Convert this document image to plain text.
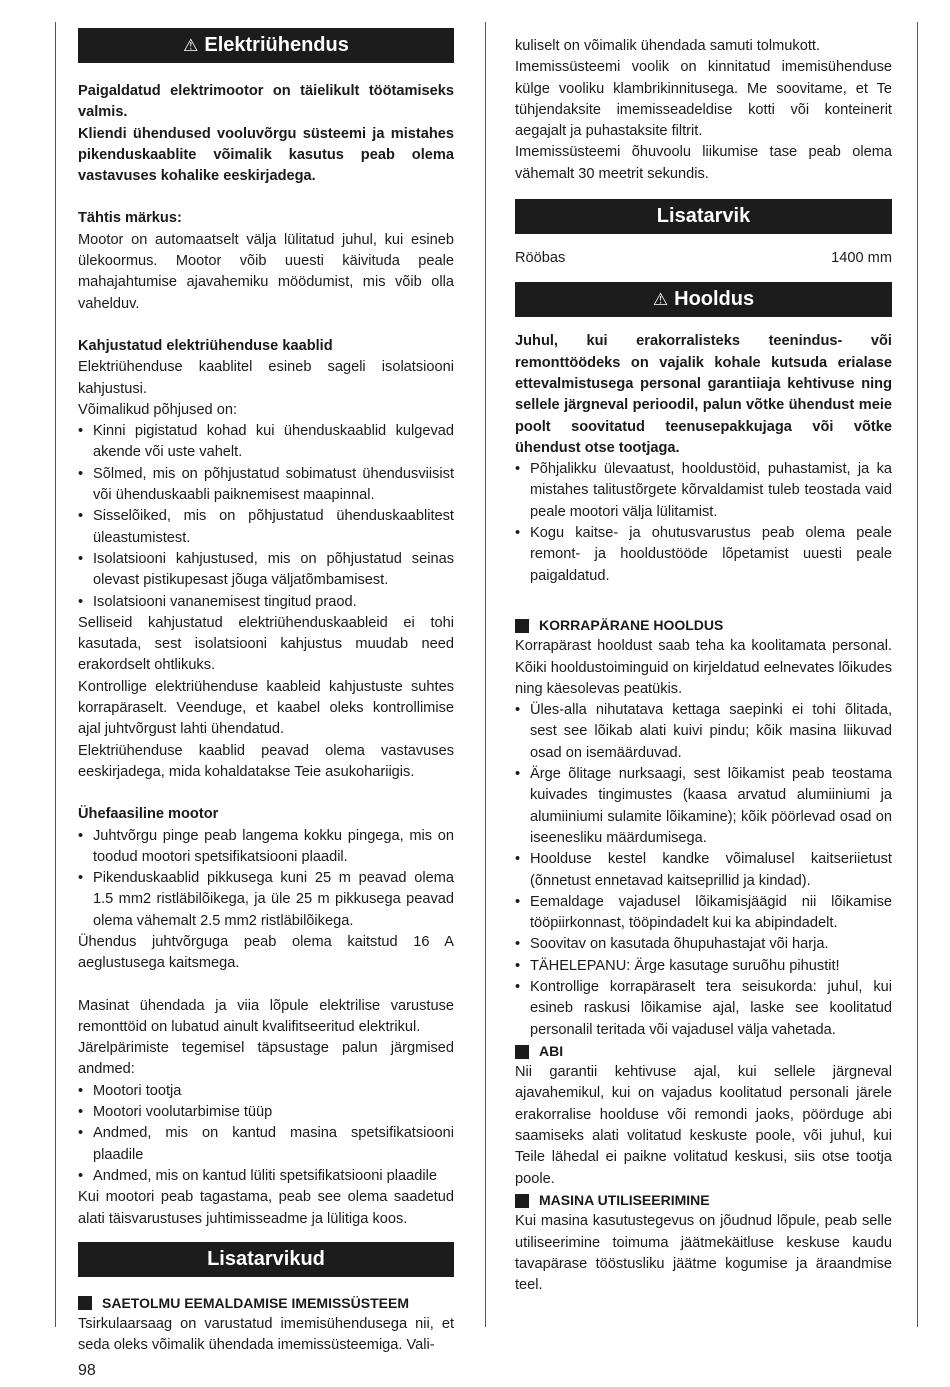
⚠ Elektriühendus

Paigaldatud elektrimootor on täielikult töötamiseks valmis.

Kliendi ühendused vooluvõrgu süsteemi ja mistahes pikenduskaablite võimalik kasutus peab olema vastavuses kohalike eeskirjadega.

Tähtis märkus:

Mootor on automaatselt välja lülitatud juhul, kui esineb ülekoormus. Mootor võib uuesti käivituda peale mahajahtumise ajavahemiku möödumist, mis võib olla vahelduv.

Kahjustatud elektriühenduse kaablid

Elektriühenduse kaablitel esineb sageli isolatsiooni kahjustusi.

Võimalikud põhjused on:

• Kinni pigistatud kohad kui ühenduskaablid kulgevad akende või uste vahelt.
• Sõlmed, mis on põhjustatud sobimatust ühendusviisist või ühenduskaabli paiknemisest maapinnal.
• Sisselõiked, mis on põhjustatud ühenduskaablitest üleastumistest.
• Isolatsiooni kahjustused, mis on põhjustatud seinas olevast pistikupesast jõuga väljatõmbamisest.
• Isolatsiooni vananemisest tingitud praod.

Selliseid kahjustatud elektriühenduskaableid ei tohi kasutada, sest isolatsiooni kahjustus muudab need erakordselt ohtlikuks.

Kontrollige elektriühenduse kaableid kahjustuste suhtes korrapäraselt. Veenduge, et kaabel oleks kontrollimise ajal juhtvõrgust lahti ühendatud.

Elektriühenduse kaablid peavad olema vastavuses eeskirjadega, mida kohaldatakse Teie asukohariigis.

Ühefaasiline mootor

• Juhtvõrgu pinge peab langema kokku pingega, mis on toodud mootori spetsifikatsiooni plaadil.
• Pikenduskaablid pikkusega kuni 25 m peavad olema 1.5 mm2 ristläbilõikega, ja üle 25 m pikkusega peavad olema vähemalt 2.5 mm2 ristläbilõikega.

Ühendus juhtvõrguga peab olema kaitstud 16 A aeglustusega kaitsmega.

Masinat ühendada ja viia lõpule elektrilise varustuse remonttöid on lubatud ainult kvalifitseeritud elektrikul.

Järelpärimiste tegemisel täpsustage palun järgmised andmed:

• Mootori tootja
• Mootori voolutarbimise tüüp
• Andmed, mis on kantud masina spetsifikatsiooni plaadile
• Andmed, mis on kantud lüliti spetsifikatsiooni plaadile

Kui mootori peab tagastama, peab see olema saadetud alati täisvarustuses juhtimisseadme ja lülitiga koos.

Lisatarvikud
SAETOLMU EEMALDAMISE IMEMISSÜSTEEM

Tsirkulaarsaag on varustatud imemisühendusega nii, et seda oleks võimalik ühendada imemissüsteemiga. Vali-

kuliselt on võimalik ühendada samuti tolmukott.

Imemissüsteemi voolik on kinnitatud imemisühenduse külge vooliku klambrikinnitusega. Me soovitame, et Te tühjendaksite imemisseadeldise kotti või konteinerit aegajalt ja puhastaksite filtrit.

Imemissüsteemi õhuvoolu liikumise tase peab olema vähemalt 30 meetrit sekundis.

Lisatarvik
Rööbas	1400 mm
⚠ Hooldus

Juhul, kui erakorralisteks teenindus- või remonttöödeks on vajalik kohale kutsuda erialase ettevalmistusega personal garantiiaja kehtivuse ning sellele järgneval perioodil, palun võtke ühendust meie poolt soovitatud teenusepakkujaga või võtke ühendust otse tootjaga.

• Põhjalikku ülevaatust, hooldustöid, puhastamist, ja ka mistahes talitustõrgete kõrvaldamist tuleb teostada vaid peale mootori välja lülitamist.
• Kogu kaitse- ja ohutusvarustus peab olema peale remont- ja hooldustööde lõpetamist uuesti peale paigaldatud.
KORRAPÄRANE HOOLDUS

Korrapärast hooldust saab teha ka koolitamata personal. Kõiki hooldustoiminguid on kirjeldatud eelnevates lõikudes ning käesolevas peatükis.

• Üles-alla nihutatava kettaga saepinki ei tohi õlitada, sest see lõikab alati kuivi pindu; kõik masina liikuvad osad on isemäärduvad.
• Ärge õlitage nurksaagi, sest lõikamist peab teostama kuivades tingimustes (kaasa arvatud alumiiniumi ja alumiiniumi sulamite lõikamine); kõik pöörlevad osad on iseenesliku määrdumisega.
• Hoolduse kestel kandke võimalusel kaitseriietust (õnnetust ennetavad kaitseprillid ja kindad).
• Eemaldage vajadusel lõikamisjäägid nii lõikamise tööpiirkonnast, tööpindadelt kui ka abipindadelt.
• Soovitav on kasutada õhupuhastajat või harja.
• TÄHELEPANU: Ärge kasutage suruõhu pihustit!
• Kontrollige korrapäraselt tera seisukorda: juhul, kui esineb raskusi lõikamise ajal, laske see koolitatud personalil teritada või vajadusel välja vahetada.
ABI

Nii garantii kehtivuse ajal, kui sellele järgneval ajavahemikul, kui on vajadus koolitatud personali järele erakorralise hoolduse või remondi jaoks, pöörduge abi saamiseks alati volitatud keskuste poole, või juhul, kui Teile lähedal ei paikne volitatud keskusi, siis otse tootja poole.

MASINA UTILISEERIMINE

Kui masina kasutustegevus on jõudnud lõpule, peab selle utiliseerimine toimuma jäätmekäitluse keskuse kaudu tavapärase tööstusliku jäätme kogumise ja äraandmise teel.

98
